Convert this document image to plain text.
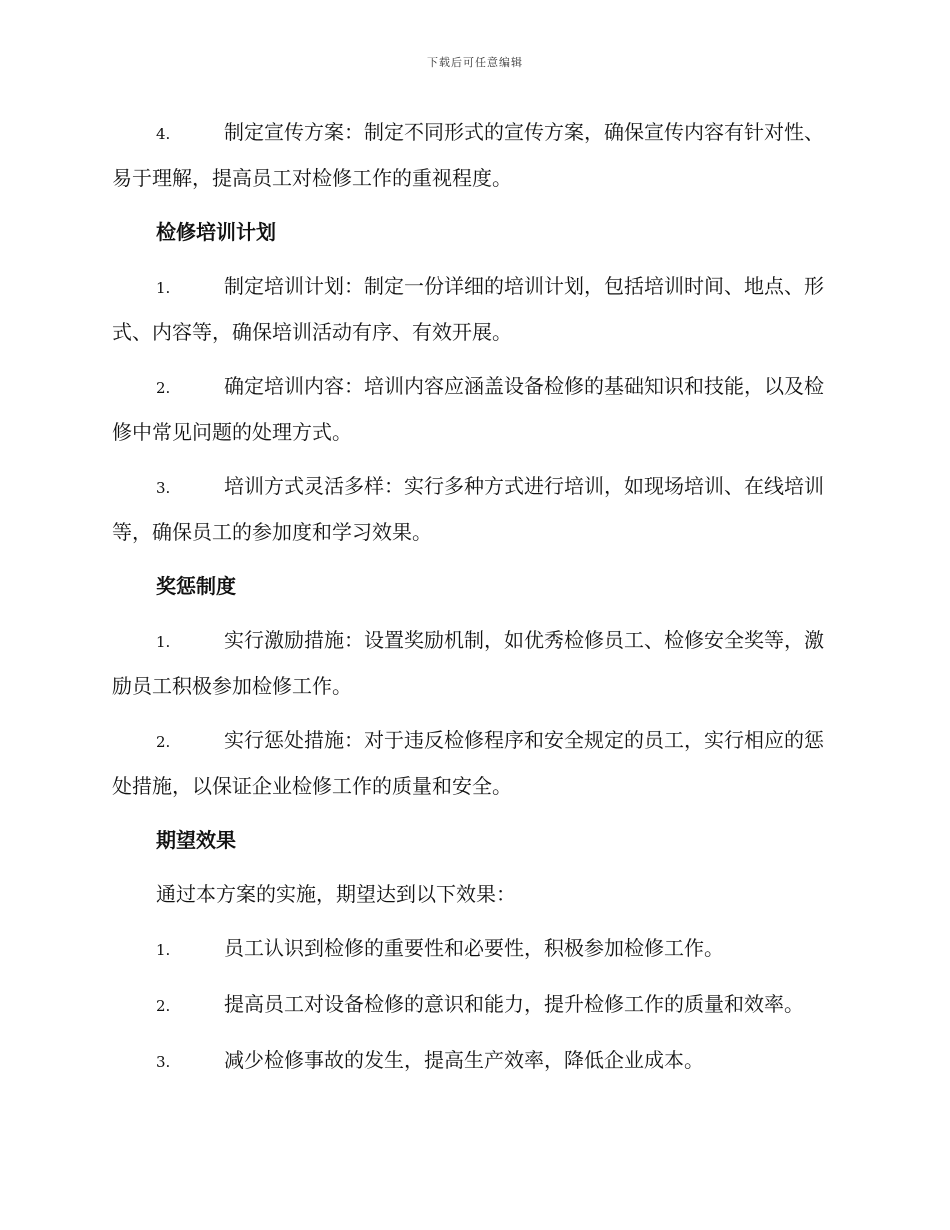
下载后可任意编辑

4.	制定宣传方案：制定不同形式的宣传方案，确保宣传内容有针对性、易于理解，提高员工对检修工作的重视程度。

检修培训计划

1.	制定培训计划：制定一份详细的培训计划，包括培训时间、地点、形式、内容等，确保培训活动有序、有效开展。

2.	确定培训内容：培训内容应涵盖设备检修的基础知识和技能，以及检修中常见问题的处理方式。

3.	培训方式灵活多样：实行多种方式进行培训，如现场培训、在线培训等，确保员工的参加度和学习效果。

奖惩制度

1.	实行激励措施：设置奖励机制，如优秀检修员工、检修安全奖等，激励员工积极参加检修工作。

2.	实行惩处措施：对于违反检修程序和安全规定的员工，实行相应的惩处措施，以保证企业检修工作的质量和安全。

期望效果

通过本方案的实施，期望达到以下效果：

1.	员工认识到检修的重要性和必要性，积极参加检修工作。

2.	提高员工对设备检修的意识和能力，提升检修工作的质量和效率。

3.	减少检修事故的发生，提高生产效率，降低企业成本。
